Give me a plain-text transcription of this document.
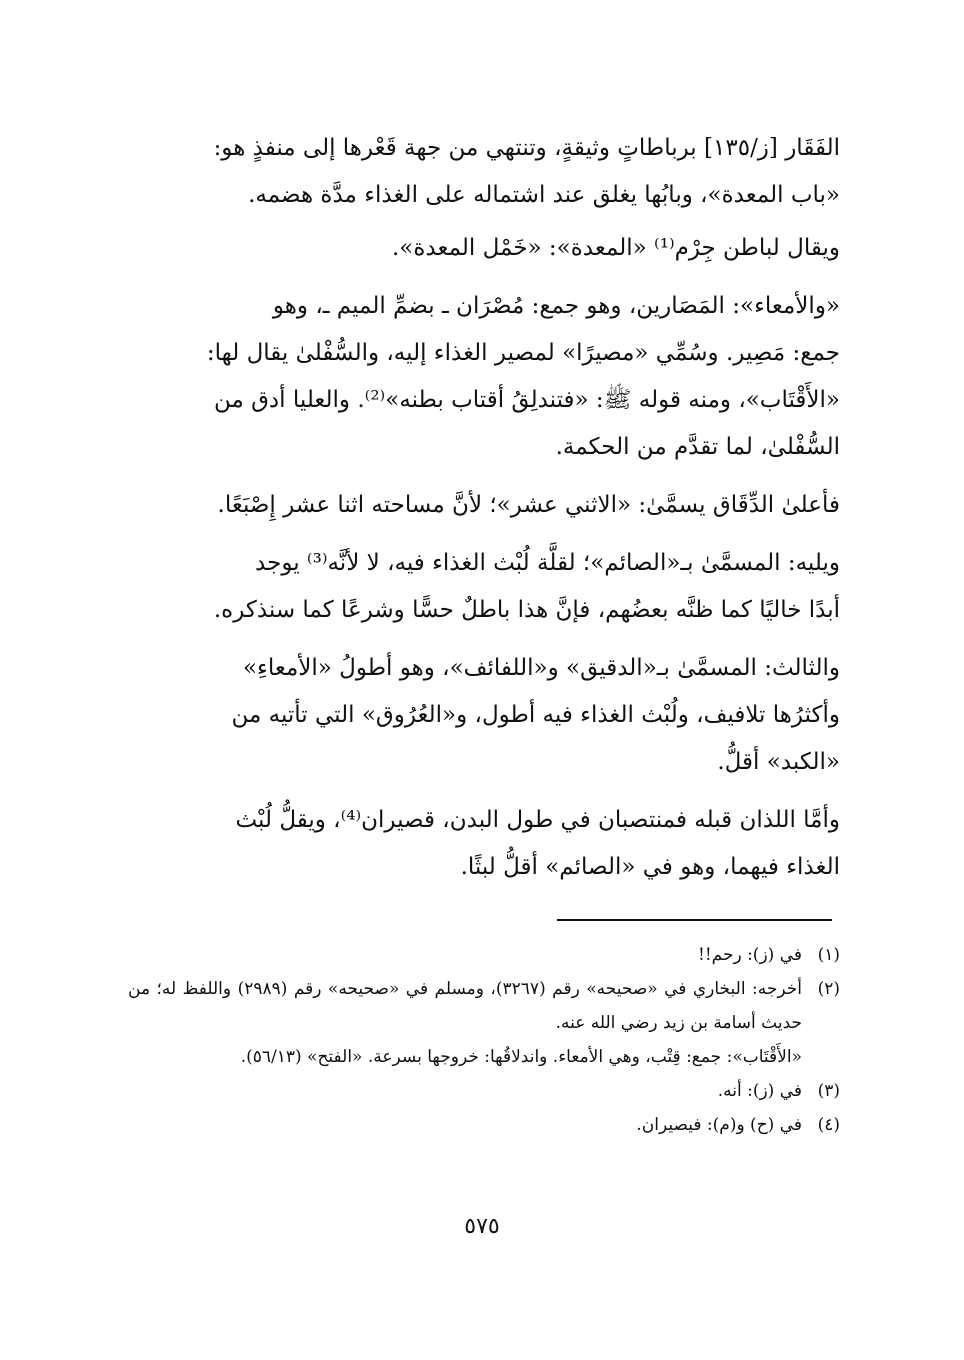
الفَقَار [ز/١٣٥] برباطاتٍ وثيقةٍ، وتنتهي من جهة قَعْرها إلى منفذٍ هو:
«باب المعدة»، وبابُها يغلق عند اشتماله على الغذاء مدَّة هضمه.

ويقال لباطن جِرْم⁽¹⁾ «المعدة»: «خَمْل المعدة».

«والأمعاء»: المَصَارين، وهو جمع: مُصْرَان ـ بضمِّ الميم ـ، وهو
جمع: مَصِير. وسُمِّي «مصيرًا» لمصير الغذاء إليه، والسُّفْلىٰ يقال لها:
«الأَقْتَاب»، ومنه قوله ﷺ: «فتندلِقُ أقتاب بطنه»⁽²⁾. والعليا أدق من
السُّفْلىٰ، لما تقدَّم من الحكمة.

فأعلىٰ الدِّقَاق يسمَّىٰ: «الاثني عشر»؛ لأنَّ مساحته اثنا عشر إِصْبَعًا.

ويليه: المسمَّىٰ بـ«الصائم»؛ لقلَّة لُبْث الغذاء فيه، لا لأنَّه⁽³⁾ يوجد
أبدًا خاليًا كما ظنَّه بعضُهم، فإنَّ هذا باطلٌ حسًّا وشرعًا كما سنذكره.

والثالث: المسمَّىٰ بـ«الدقيق» و«اللفائف»، وهو أطولُ «الأمعاءِ»
وأكثرُها تلافيف، ولُبْث الغذاء فيه أطول، و«العُرُوق» التي تأتيه من
«الكبد» أقلُّ.

وأمَّا اللذان قبله فمنتصبان في طول البدن، قصيران⁽⁴⁾، ويقلُّ لُبْث
الغذاء فيهما، وهو في «الصائم» أقلُّ لبثًا.

(١)
في (ز): رحم!!
(٢)
أخرجه: البخاري في «صحيحه» رقم (٣٢٦٧)، ومسلم في «صحيحه» رقم (٢٩٨٩) واللفظ له؛ من حديث أسامة بن زيد رضي الله عنه.
«الأَقْتَاب»: جمع: قِتْب، وهي الأمعاء. واندلاقُها: خروجها بسرعة. «الفتح» (٥٦/١٣).
(٣)
في (ز): أنه.
(٤)
في (ح) و(م): فيصيران.
٥٧٥
